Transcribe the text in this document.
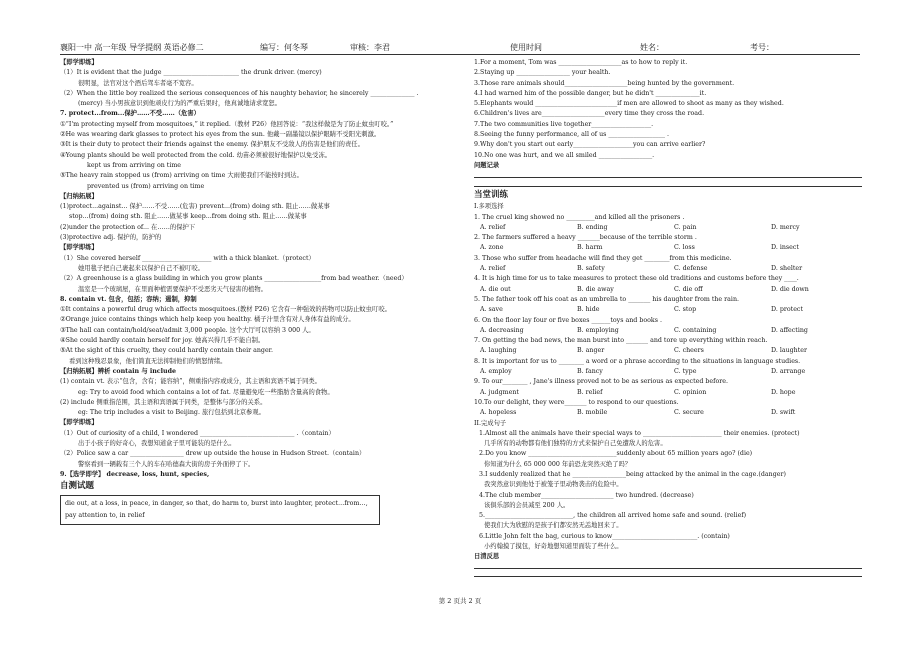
襄阳一中 高一年级 导学提纲 英语必修二	编写：何冬琴	审核：李君	使用时间	姓名：	考号：
【即学即练】
（1）It is evident that the judge ________________________ the drunk driver. (mercy)
很明显，法官对这个酒后驾车者毫不宽容。
（2）When the little boy realized the serious consequences of his naughty behavior, he sincerely ______________ .
(mercy) 当小男孩意识到他顽皮行为的严重后果时，他真诚地请求宽恕。
7. protect...from...保护……不受……（危害）
①“I'm protecting myself from mosquitoes,” it replied.（教材 P26）他回答说：“我这样做是为了防止蚊虫叮咬。”
②He was wearing dark glasses to protect his eyes from the sun. 他戴一副墨镜以保护眼睛不受阳光刺激。
③It is their duty to protect their friends against the enemy. 保护朋友不受敌人的伤害是他们的责任。
④Young plants should be well protected from the cold. 幼苗必须被很好地保护以免受冻。
kept us from arriving on time
⑤The heavy rain stopped us (from) arriving on time 大雨使我们不能按时到达。
prevented us (from) arriving on time
【归纳拓展】
(1)protect...against... 保护……不受……(危害) prevent...(from) doing sth. 阻止……做某事
stop...(from) doing sth. 阻止……做某事 keep...from doing sth. 阻止……做某事
(2)under the protection of... 在……的保护下
(3)protective adj. 保护的，防护的
【即学即练】
（1）She covered herself ______________________ with a thick blanket.（protect）
她用毯子把自己裹起来以保护自己不被叮咬。
（2）A greenhouse is a glass building in which you grow plants __________________from bad weather.（need）
温室是一个玻璃屋，在里面种植需要保护不受恶劣天气侵害的植物。
8. contain vt. 包含，包括；容纳；遏制，抑制
①It contains a powerful drug which affects mosquitoes.(教材 P26) 它含有一种强效的药物可以防止蚊虫叮咬。
②Orange juice contains things which help keep you healthy. 橘子汁里含有对人身体有益的成分。
③The hall can contain/hold/seat/admit 3,000 people. 这个大厅可以容纳 3 000 人。
④She could hardly contain herself for joy. 她高兴得几乎不能自制。
⑤At the sight of this cruelty, they could hardly contain their anger.
看到这种残忍景象，他们简直无法抑制他们的愤怒情绪。
【归纳拓展】辨析 contain 与 include
(1) contain vt. 表示“包含，含有；能容纳”，侧重指内容或成分，其主语和宾语不属于同类。
eg: Try to avoid food which contains a lot of fat. 尽量避免吃一些脂肪含量高的食物。
(2) include 侧重指范围，其主语和宾语属于同类，是整体与部分的关系。
eg: The trip includes a visit to Beijing. 旅行包括到北京参观。
【即学即练】
（1）Out of curiosity of a child, I wondered ______________________________ .（contain）
出于小孩子的好奇心，我想知道盒子里可能装的是什么。
（2）Police saw a car _________________ drew up outside the house in Hudson Street.（contain）
警察看到一辆载有三个人的车在哈德森大街的房子外面停了下。
9.【选学即学】 decrease, loss, hunt, species,
自测试题
die out, at a loss, in peace, in danger, so that, do harm to, burst into laughter, protect…from…,
pay attention to, in relief
1.For a moment, Tom was ____________________as to how to reply it.
2.Staying up _________________ your health.
3.Those rare animals should____________________being hunted by the government.
4.I had warned him of the possible danger, but he didn't ______________it.
5.Elephants would __________________________if men are allowed to shoot as many as they wished.
6.Children's lives are____________________every time they cross the road.
7.The two communities live together___________________.
8.Seeing the funny performance, all of us __________________ .
9.Why don't you start out early___________________you can arrive earlier?
10.No one was hurt, and we all smiled _________________.
问题记录
当堂训练
I.多项选择
1. The cruel king showed no _________and killed all the prisoners .
A. relief	B. ending	C. pain	D. mercy
2. The farmers suffered a heavy _______because of the terrible storm .
A. zone	B. harm	C. loss	D. insect
3. Those who suffer from headache will find they get ________from this medicine.
A. relief	B. safety	C. defense	D. shelter
4. It is high time for us to take measures to protect these old traditions and customs before they ____.
A. die out	B. die away	C. die off	D. die down
5. The father took off his coat as an umbrella to _______ his daughter from the rain.
A. save	B. hide	C. stop	D. protect
6. On the floor lay four or five boxes ______toys and books .
A. decreasing	B. employing	C. containing	D. affecting
7. On getting the bad news, the man burst into _______ and tore up everything within reach.
A. laughing	B. anger	C. cheers	D. laughter
8. It is important for us to ________ a word or a phrase according to the situations in language studies.
A. employ	B. fancy	C. type	D. arrange
9. To our________ , Jane's illness proved not to be as serious as expected before.
A. judgment	B. relief	C. opinion	D. hope
10.To our delight, they were_______ to respond to our questions.
A. hopeless	B. mobile	C. secure	D. swift
II.完成句子
1.Almost all the animals have their special ways to _________________________ their enemies. (protect)
几乎所有的动物都有他们独特的方式来保护自己免遭敌人的危害。
2.Do you know ____________________________suddenly about 65 million years ago? (die)
你知道为什么 65 000 000 年前恐龙突然灭绝了吗？
3.I suddenly realized that he _________________being attacked by the animal in the cage.(danger)
我突然意识到他处于被笼子里动物袭击的危险中。
4.The club member_______________________ two hundred. (decrease)
该俱乐部的会员减至 200 人。
5.____________________________, the children all arrived home safe and sound. (relief)
使我们大为欣慰的是孩子们都安然无恙地回来了。
6.Little John felt the bag, curious to know___________________________. (contain)
小约翰摸了摸包，好奇地想知道里面装了些什么。
日清反思
第 2 页共 2 页
